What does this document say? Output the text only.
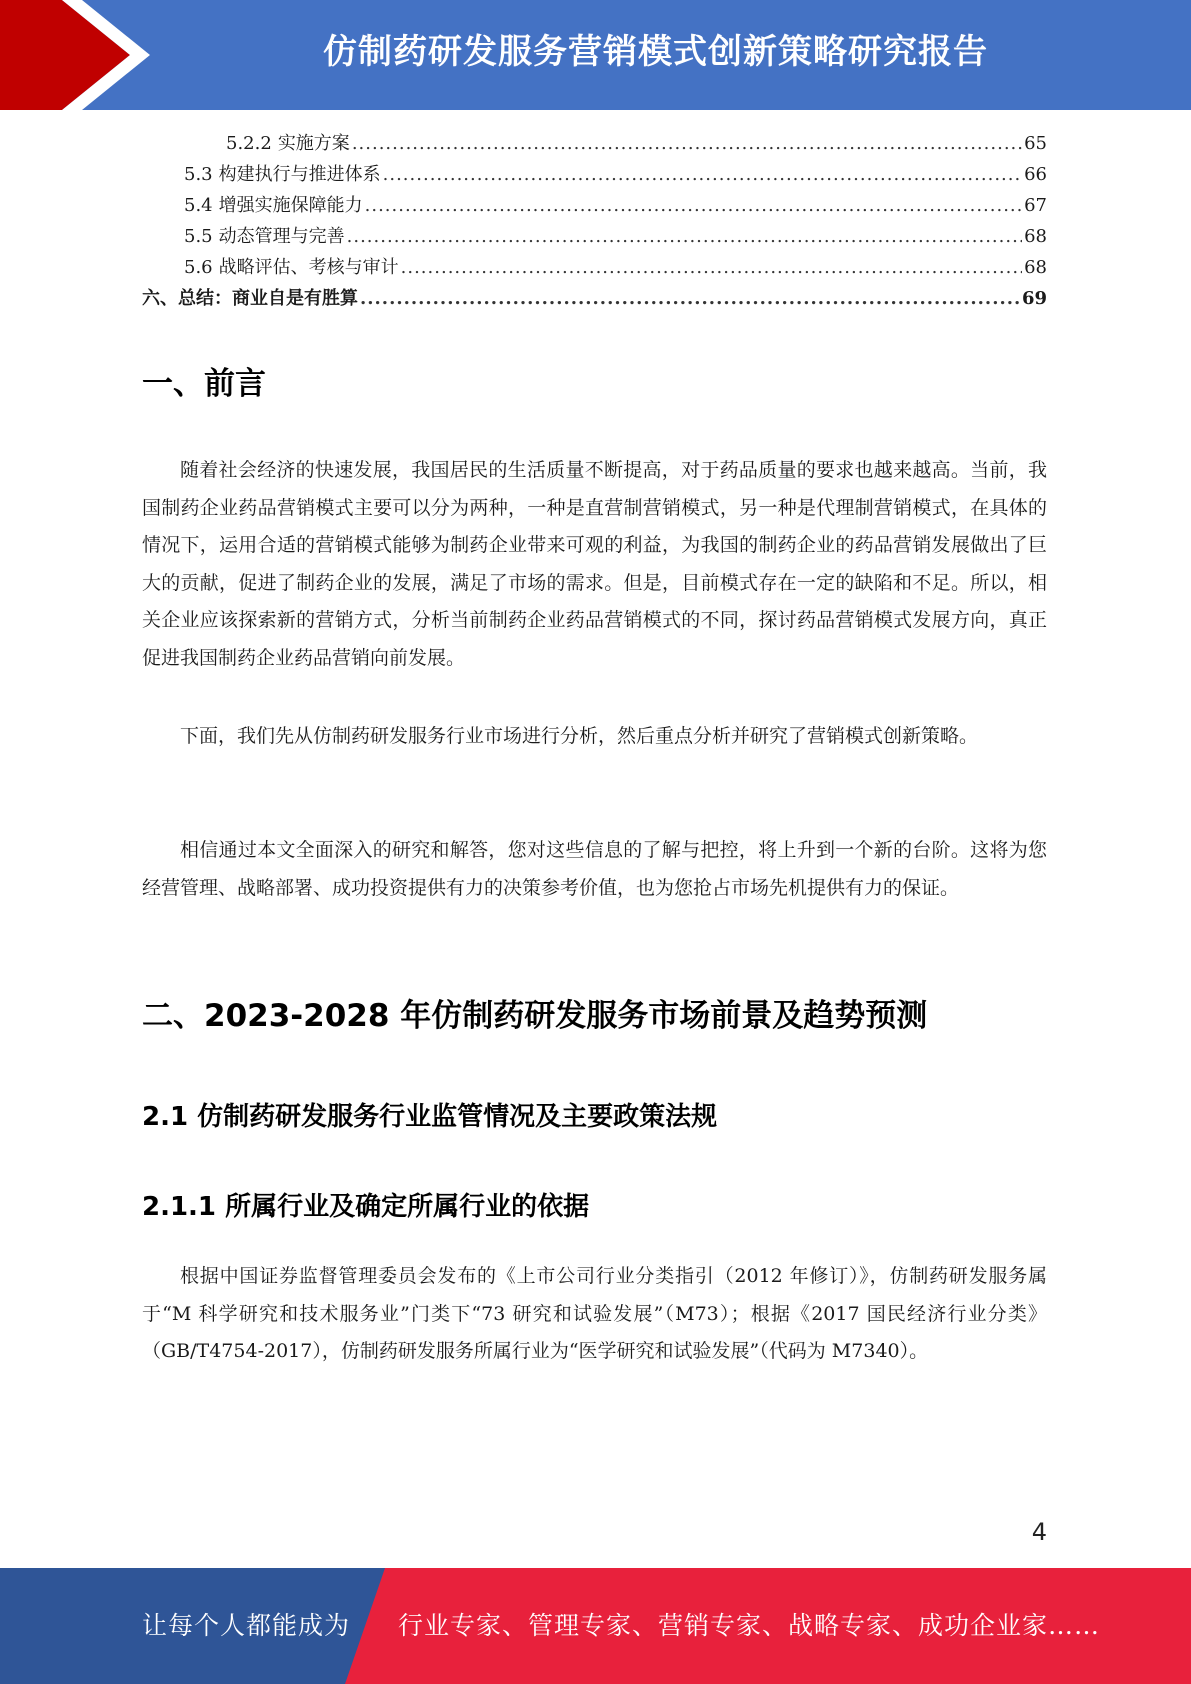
仿制药研发服务营销模式创新策略研究报告
5.2.2 实施方案 .....	65
5.3 构建执行与推进体系 .....	66
5.4 增强实施保障能力 .....	67
5.5 动态管理与完善 .....	68
5.6 战略评估、考核与审计 .....	68
六、总结：商业自是有胜算 .....	69
一、前言

随着社会经济的快速发展，我国居民的生活质量不断提高，对于药品质量的要求也越来越高。当前，我国制药企业药品营销模式主要可以分为两种，一种是直营制营销模式，另一种是代理制营销模式，在具体的情况下，运用合适的营销模式能够为制药企业带来可观的利益，为我国的制药企业的药品营销发展做出了巨大的贡献，促进了制药企业的发展，满足了市场的需求。但是，目前模式存在一定的缺陷和不足。所以，相关企业应该探索新的营销方式，分析当前制药企业药品营销模式的不同，探讨药品营销模式发展方向，真正促进我国制药企业药品营销向前发展。

下面，我们先从仿制药研发服务行业市场进行分析，然后重点分析并研究了营销模式创新策略。

相信通过本文全面深入的研究和解答，您对这些信息的了解与把控，将上升到一个新的台阶。这将为您经营管理、战略部署、成功投资提供有力的决策参考价值，也为您抢占市场先机提供有力的保证。

二、2023-2028 年仿制药研发服务市场前景及趋势预测
2.1 仿制药研发服务行业监管情况及主要政策法规
2.1.1 所属行业及确定所属行业的依据

根据中国证券监督管理委员会发布的《上市公司行业分类指引（2012 年修订）》，仿制药研发服务属于“M 科学研究和技术服务业”门类下“73 研究和试验发展”（M73）；根据《2017 国民经济行业分类》（GB/T4754-2017），仿制药研发服务所属行业为“医学研究和试验发展”（代码为 M7340）。

4
让每个人都能成为 行业专家、管理专家、营销专家、战略专家、成功企业家……
